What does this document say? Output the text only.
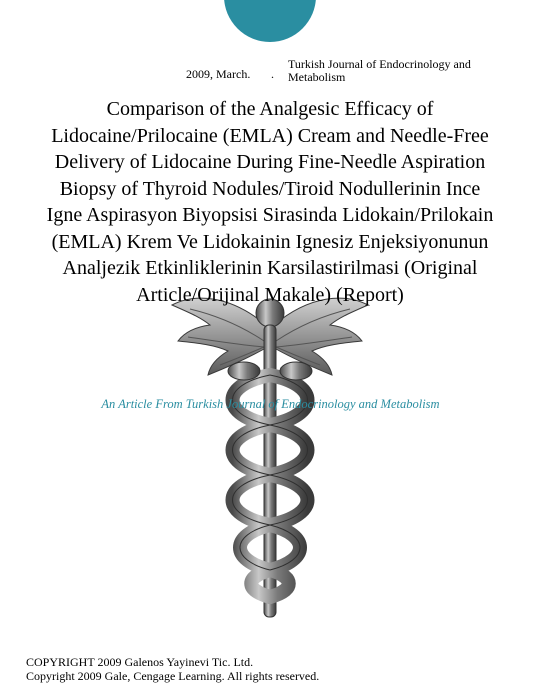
2009, March. .
Turkish Journal of Endocrinology and Metabolism
Comparison of the Analgesic Efficacy of Lidocaine/Prilocaine (EMLA) Cream and Needle-Free Delivery of Lidocaine During Fine-Needle Aspiration Biopsy of Thyroid Nodules/Tiroid Nodullerinin Ince Igne Aspirasyon Biyopsisi Sirasinda Lidokain/Prilokain (EMLA) Krem Ve Lidokainin Ignesiz Enjeksiyonunun Analjezik Etkinliklerinin Karsilastirilmasi (Original Article/Orijinal Makale) (Report)
An Article From Turkish Journal of Endocrinology and Metabolism
COPYRIGHT 2009 Galenos Yayinevi Tic. Ltd.
Copyright 2009 Gale, Cengage Learning. All rights reserved.
